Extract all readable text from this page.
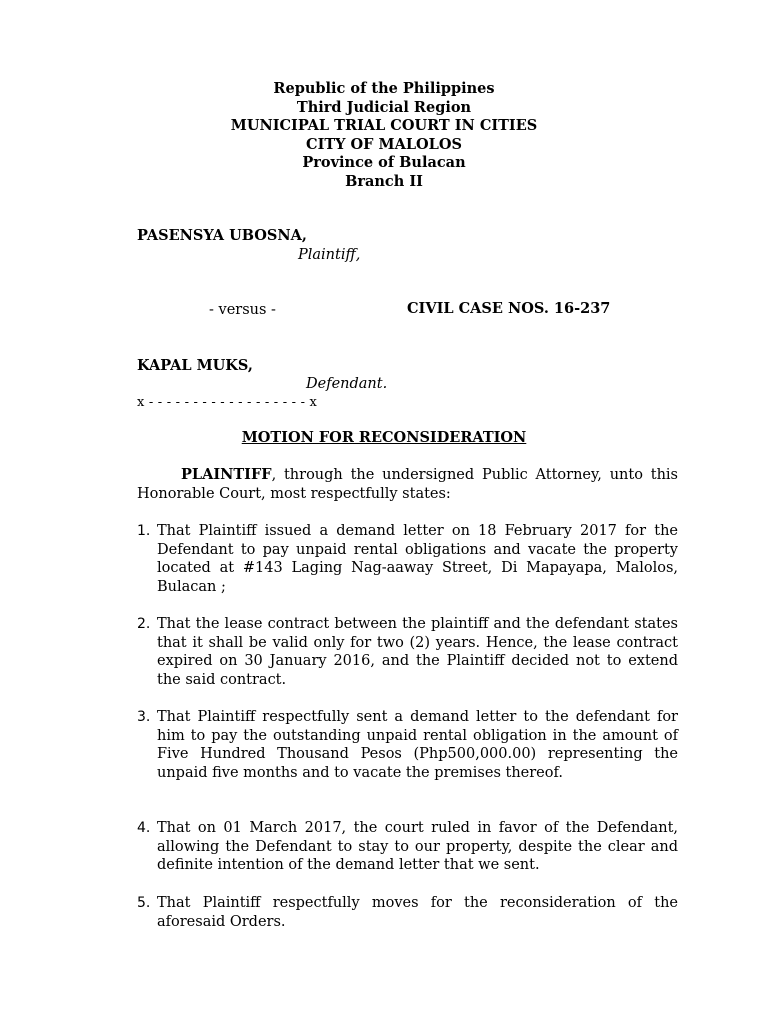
Republic of the Philippines
Third Judicial Region
MUNICIPAL TRIAL COURT IN CITIES
CITY OF MALOLOS
Province of Bulacan
Branch II
PASENSYA UBOSNA,
Plaintiff,
- versus -	CIVIL CASE NOS. 16-237
KAPAL MUKS,
Defendant.
x - - - - - - - - - - - - - - - - - - x
MOTION FOR RECONSIDERATION
PLAINTIFF, through the undersigned Public Attorney, unto this Honorable Court, most respectfully states:
1. That Plaintiff issued a demand letter on 18 February 2017 for the Defendant to pay unpaid rental obligations and vacate the property located at #143 Laging Nag-aaway Street, Di Mapayapa, Malolos, Bulacan ;
2. That the lease contract between the plaintiff and the defendant states that it shall be valid only for two (2) years. Hence, the lease contract expired on 30 January 2016, and the Plaintiff decided not to extend the said contract.
3. That Plaintiff respectfully sent a demand letter to the defendant for him to pay the outstanding unpaid rental obligation in the amount of Five Hundred Thousand Pesos (Php500,000.00) representing the unpaid five months and to vacate the premises thereof.
4. That on 01 March 2017, the court ruled in favor of the Defendant, allowing the Defendant to stay to our property, despite the clear and definite intention of the demand letter that we sent.
5. That Plaintiff respectfully moves for the reconsideration of the aforesaid Orders.
